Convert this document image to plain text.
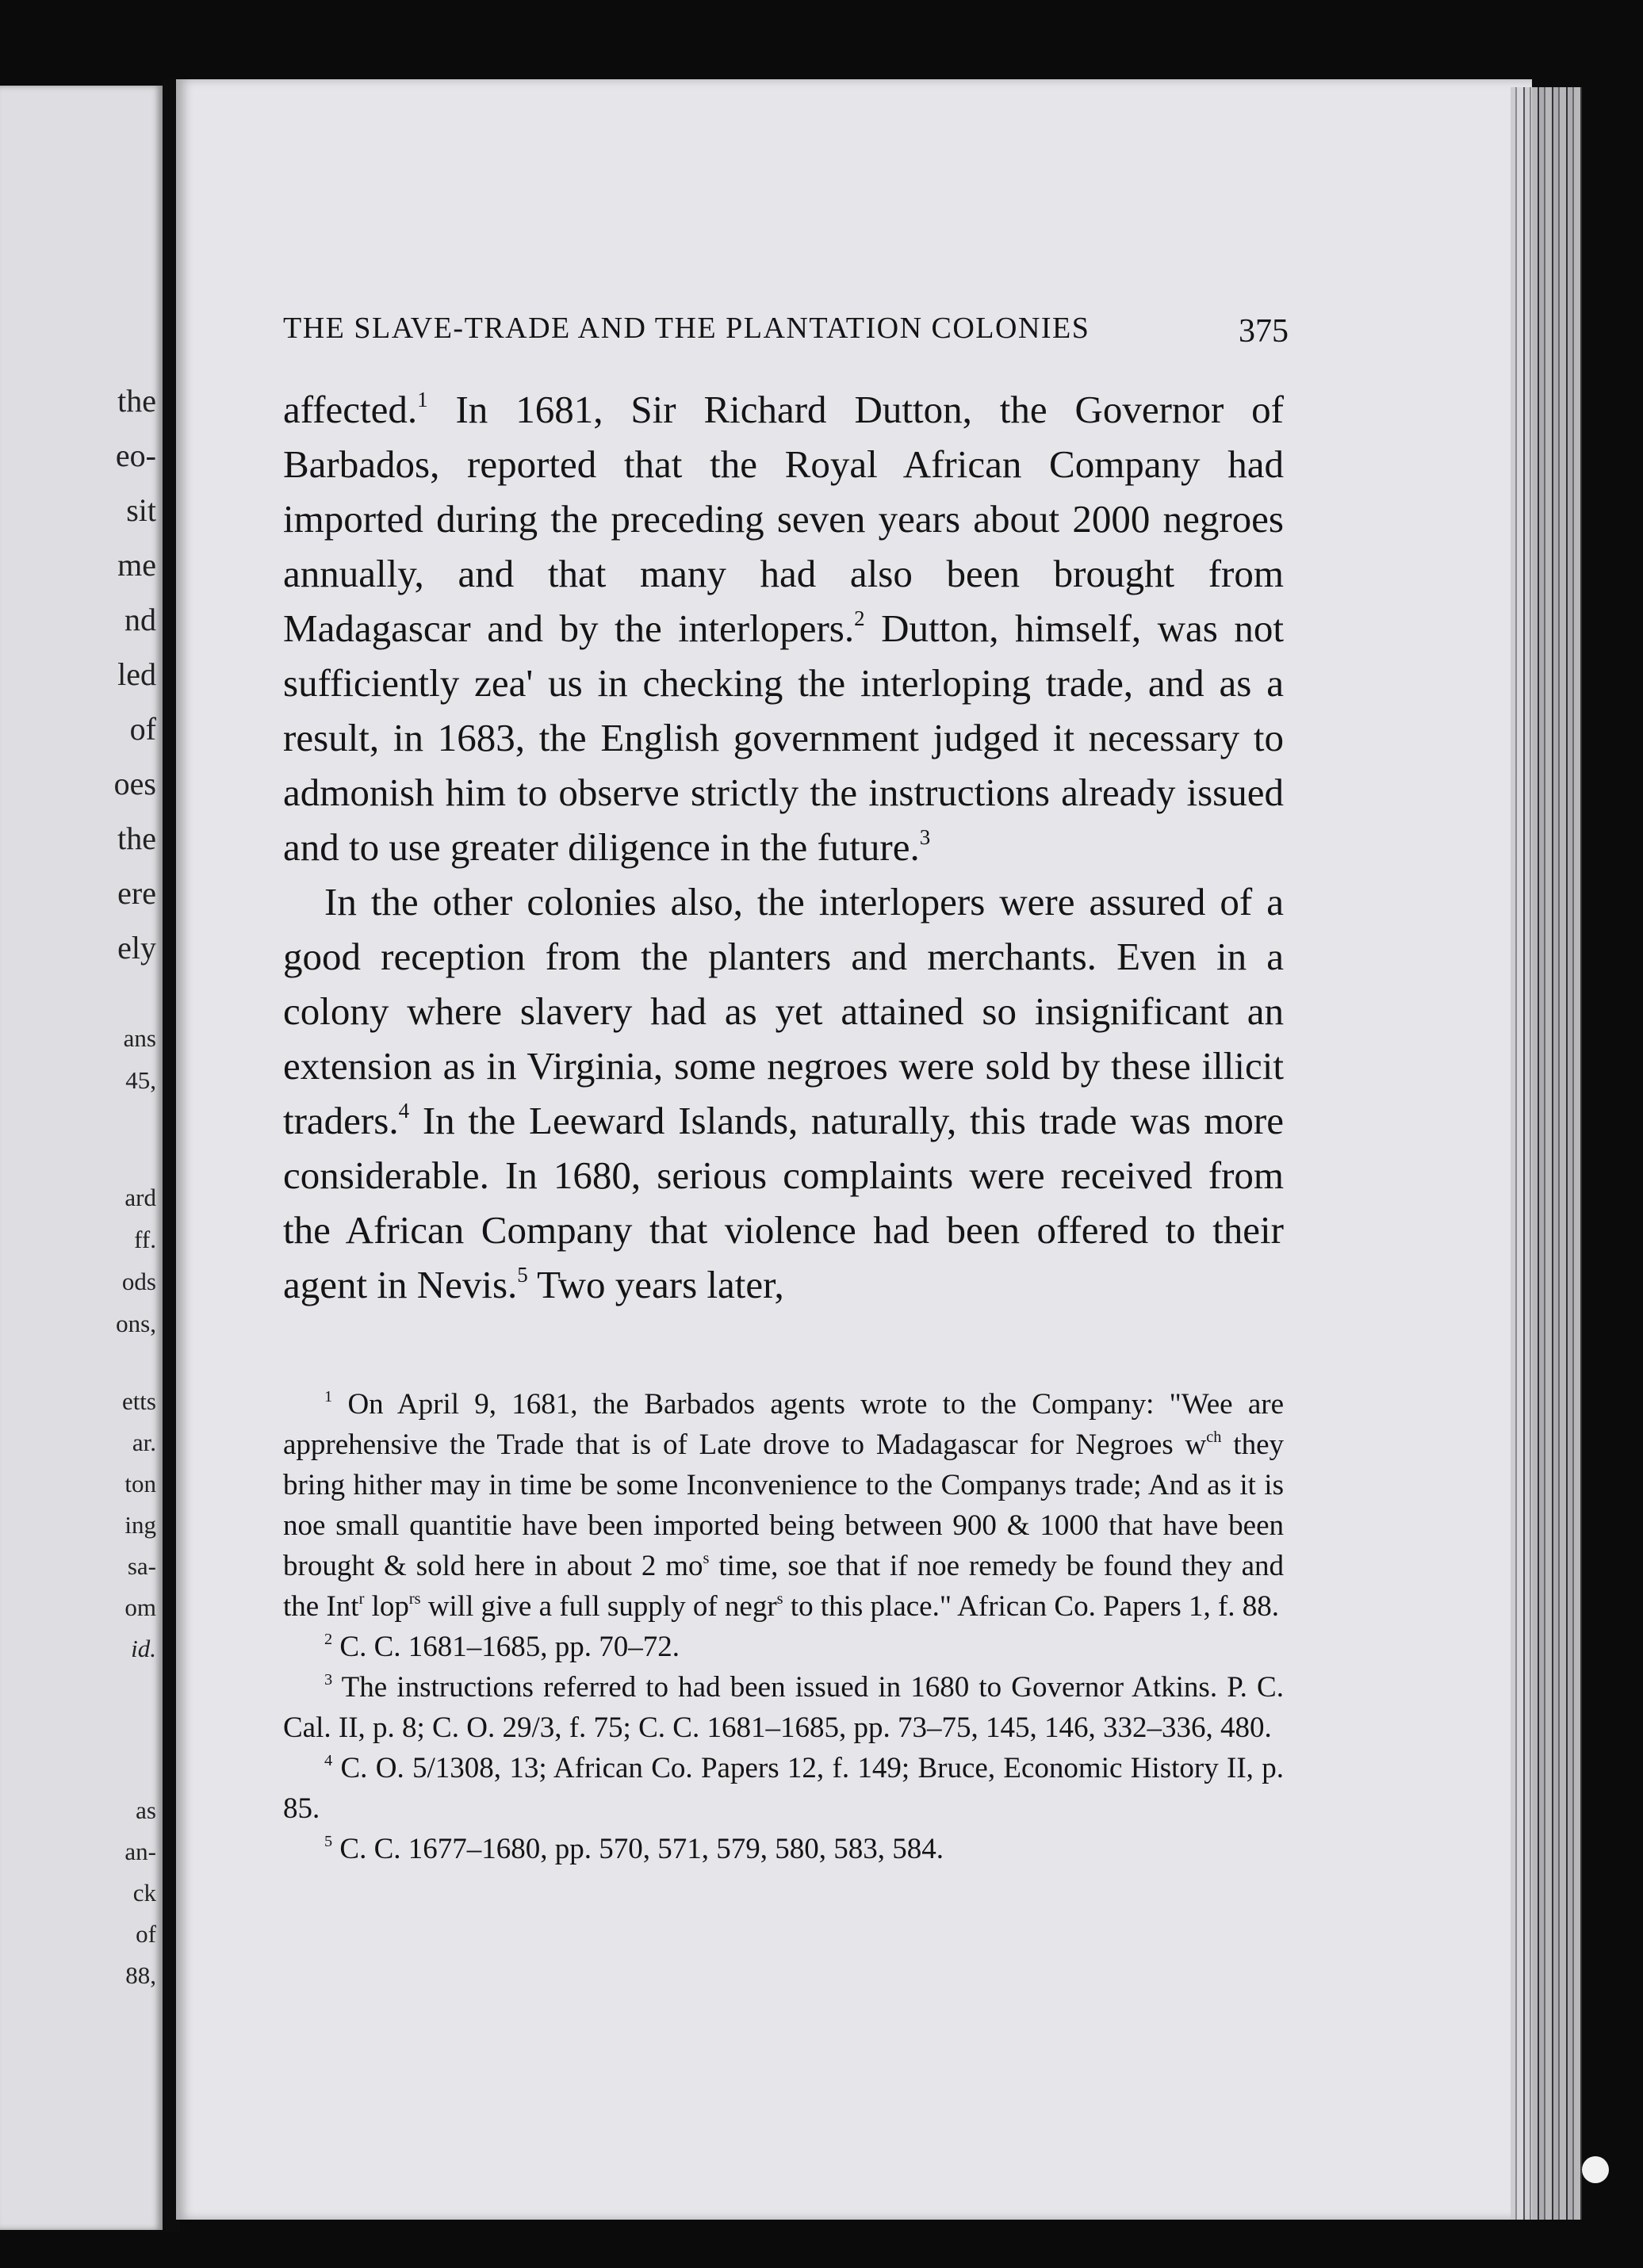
the
eo-
sit
me
nd
led
of
oes
the
ere
ely
ans
45,
ard
ff.
ods
ons,
etts
ar.
ton
ing
sa-
om
id.
as
an-
ck
of
88,
THE SLAVE-TRADE AND THE PLANTATION COLONIES	375

affected.$^1$ In 1681, Sir Richard Dutton, the Governor of Barbados, reported that the Royal African Company had imported during the preceding seven years about 2000 negroes annually, and that many had also been brought from Madagascar and by the interlopers.$^2$ Dutton, himself, was not sufficiently zea' us in checking the interloping trade, and as a result, in 1683, the English government judged it necessary to admonish him to observe strictly the instructions already issued and to use greater diligence in the future.$^3$

In the other colonies also, the interlopers were assured of a good reception from the planters and merchants. Even in a colony where slavery had as yet attained so insignificant an extension as in Virginia, some negroes were sold by these illicit traders.$^4$ In the Leeward Islands, naturally, this trade was more considerable. In 1680, serious complaints were received from the African Company that violence had been offered to their agent in Nevis.$^5$ Two years later,

$^1$ On April 9, 1681, the Barbados agents wrote to the Company: "Wee are apprehensive the Trade that is of Late drove to Madagascar for Negroes $w^{ch}$ they bring hither may in time be some Inconvenience to the Companys trade; And as it is noe small quantitie have been imported being between 900 & 1000 that have been brought & sold here in about 2 $mo^s$ time, soe that if noe remedy be found they and the Int$^r$ lop$^{rs}$ will give a full supply of negr$^s$ to this place." African Co. Papers 1, f. 88.

$^2$ C. C. 1681–1685, pp. 70–72.

$^3$ The instructions referred to had been issued in 1680 to Governor Atkins. P. C. Cal. II, p. 8; C. O. 29/3, f. 75; C. C. 1681–1685, pp. 73–75, 145, 146, 332–336, 480.

$^4$ C. O. 5/1308, 13; African Co. Papers 12, f. 149; Bruce, Economic History II, p. 85.

$^5$ C. C. 1677–1680, pp. 570, 571, 579, 580, 583, 584.
